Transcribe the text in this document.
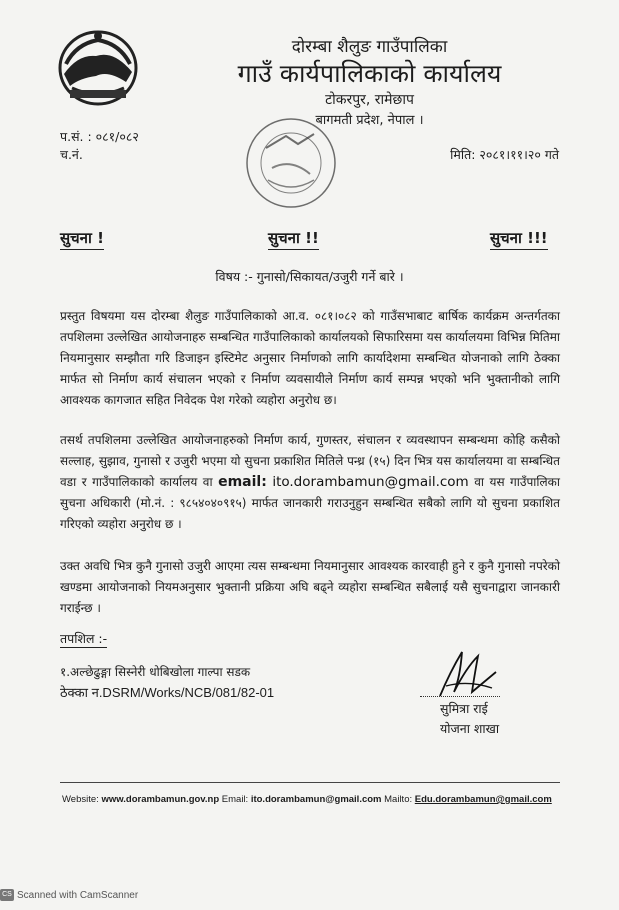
दोरम्बा शैलुङ गाउँपालिका
गाउँ कार्यपालिकाको कार्यालय
टोकरपुर, रामेछाप
बागमती प्रदेश, नेपाल ।
प.सं. : ०८१/०८२
च.नं.	मिति: २०८१।११।२० गते
सुचना !	सुचना !!	सुचना !!!
विषय :- गुनासो/सिकायत/उजुरी गर्ने बारे ।
प्रस्तुत विषयमा यस दोरम्बा शैलुङ गाउँपालिकाको आ.व. ०८१।०८२ को गाउँसभाबाट बार्षिक कार्यक्रम अन्तर्गतका तपशिलमा उल्लेखित आयोजनाहरु सम्बन्धित गाउँपालिकाको कार्यालयको सिफारिसमा यस कार्यालयमा विभिन्न मितिमा नियमानुसार सम्झौता गरि डिजाइन इस्टिमेट अनुसार निर्माणको लागि कार्यादेशमा सम्बन्धित योजनाको लागि ठेक्का मार्फत सो निर्माण कार्य संचालन भएको र निर्माण व्यवसायीले निर्माण कार्य सम्पन्न भएको भनि भुक्तानीको लागि आवश्यक कागजात सहित निवेदक पेश गरेको व्यहोरा अनुरोध छ।
तसर्थ तपशिलमा उल्लेखित आयोजनाहरुको निर्माण कार्य, गुणस्तर, संचालन र व्यवस्थापन सम्बन्धमा कोहि कसैको सल्लाह, सुझाव, गुनासो र उजुरी भएमा यो सुचना प्रकाशित मितिले पन्ध्र (१५) दिन भित्र यस कार्यालयमा वा सम्बन्धित वडा र गाउँपालिकाको कार्यालय वा email: ito.dorambamun@gmail.com वा यस गाउँपालिका सुचना अधिकारी (मो.नं. : ९८५४०४०९१५) मार्फत जानकारी गराउनुहुन सम्बन्धित सबैको लागि यो सुचना प्रकाशित गरिएको व्यहोरा अनुरोध छ ।
उक्त अवधि भित्र कुनै गुनासो उजुरी आएमा त्यस सम्बन्धमा नियमानुसार आवश्यक कारवाही हुने र कुनै गुनासो नपरेको खण्डमा आयोजनाको नियमअनुसार भुक्तानी प्रक्रिया अघि बढ्ने व्यहोरा सम्बन्धित सबैलाई यसै सुचनाद्वारा जानकारी गराईन्छ ।
तपशिल :-
१.अल्छेढुङ्गा सिस्नेरी धोबिखोला गाल्पा सडक
ठेक्का न.DSRM/Works/NCB/081/82-01
सुमित्रा राई
योजना शाखा
Website: www.dorambamun.gov.np Email: ito.dorambamun@gmail.com Mailto: Edu.dorambamun@gmail.com
CS Scanned with CamScanner
